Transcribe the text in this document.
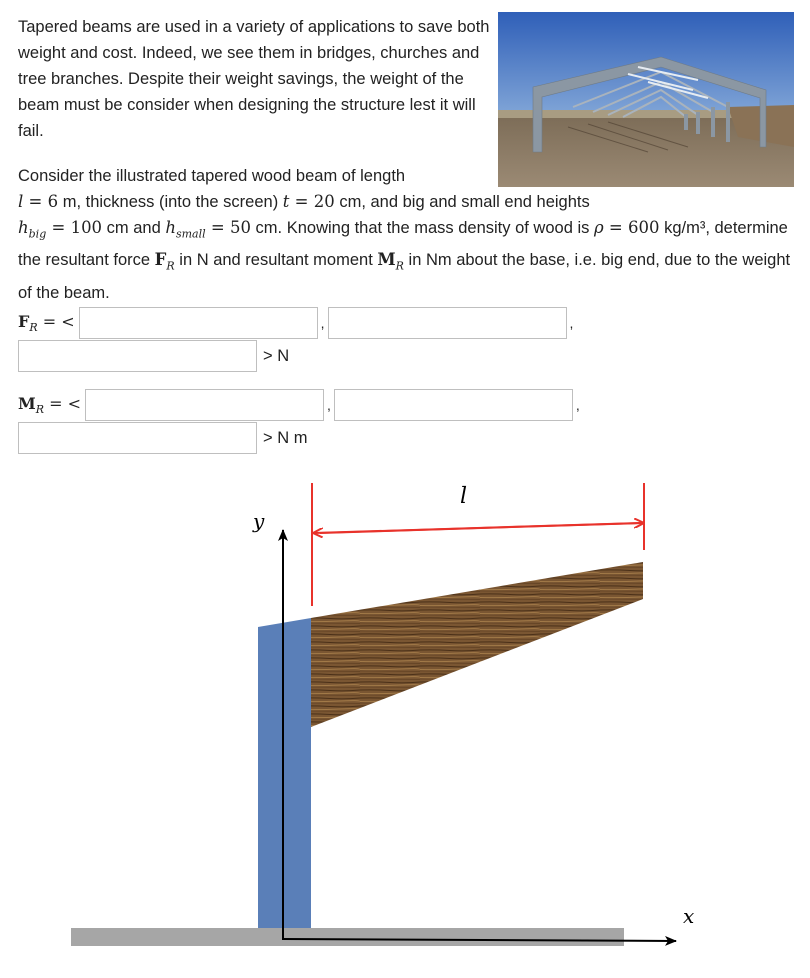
Tapered beams are used in a variety of applications to save both weight and cost. Indeed, we see them in bridges, churches and tree branches. Despite their weight savings, the weight of the beam must be consider when designing the structure lest it will fail.
Consider the illustrated tapered wood beam of length
l = 6 m, thickness (into the screen) t = 20 cm, and big and small end heights
$h_{big} = 100$ cm and $h_{small} = 50$ cm. Knowing that the mass density of wood is ρ = 600 kg/m³, determine the resultant force $F_R$ in N and resultant moment $M_R$ in Nm about the base, i.e. big end, due to the weight of the beam.
$F_R$ = <	,	,
> N
$M_R$ = <	,	,
> N m
l
y
x
